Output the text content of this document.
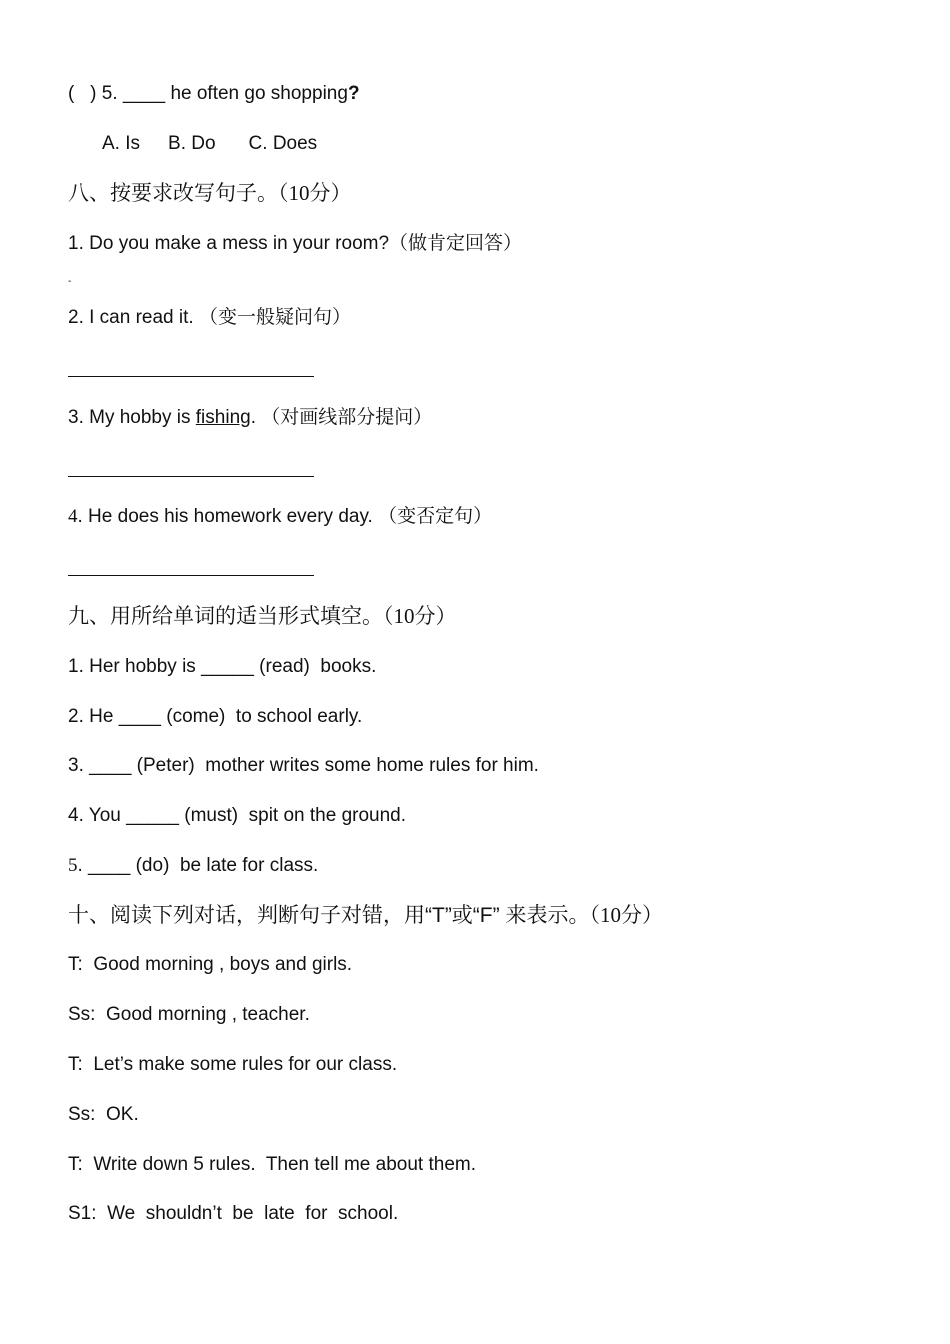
(   ) 5. ____ he often go shopping?
A. Is B. Do C. Does
八、按要求改写句子。（10分）
1. Do you make a mess in your room?（做肯定回答）
-
2. I can read it. （变一般疑问句）
3. My hobby is fishing. （对画线部分提问）
4. He does his homework every day. （变否定句）
九、用所给单词的适当形式填空。（10分）
1. Her hobby is _____ (read)  books.
2. He ____ (come)  to school early.
3. ____ (Peter)  mother writes some home rules for him.
4. You _____ (must)  spit on the ground.
5. ____ (do)  be late for class.
十、阅读下列对话，判断句子对错，用“T”或“F” 来表示。（10分）
T:  Good morning , boys and girls.
Ss:  Good morning , teacher.
T:  Let’s make some rules for our class.
Ss:  OK.
T:  Write down 5 rules.  Then tell me about them.
S1:  We  shouldn’t  be  late  for  school.
